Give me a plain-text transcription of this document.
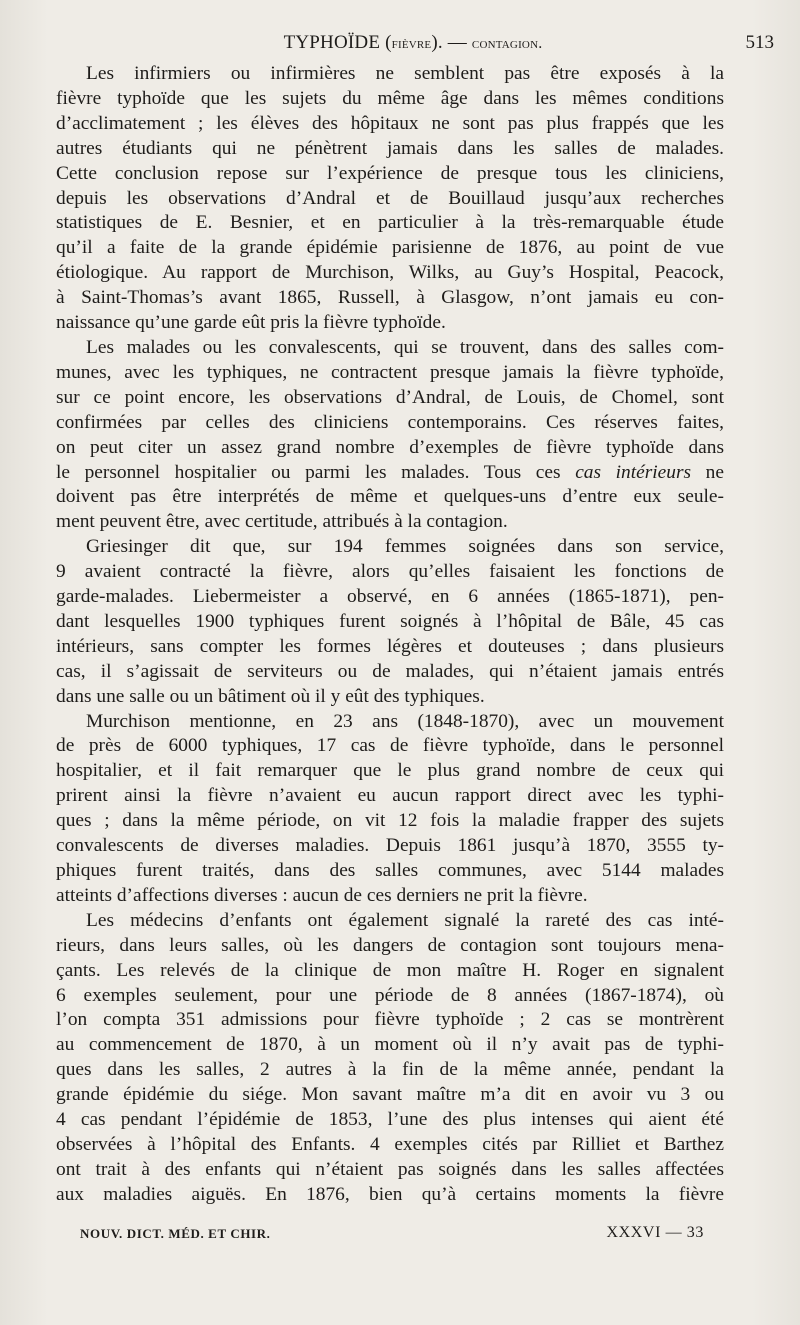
TYPHOÏDE (fièvre). — contagion.	513

Les infirmiers ou infirmières ne semblent pas être exposés à la

fièvre typhoïde que les sujets du même âge dans les mêmes conditions

d’acclimatement ; les élèves des hôpitaux ne sont pas plus frappés que les

autres étudiants qui ne pénètrent jamais dans les salles de malades.

Cette conclusion repose sur l’expérience de presque tous les cliniciens,

depuis les observations d’Andral et de Bouillaud jusqu’aux recherches

statistiques de E. Besnier, et en particulier à la très-remarquable étude

qu’il a faite de la grande épidémie parisienne de 1876, au point de vue

étiologique. Au rapport de Murchison, Wilks, au Guy’s Hospital, Peacock,

à Saint-Thomas’s avant 1865, Russell, à Glasgow, n’ont jamais eu con-

naissance qu’une garde eût pris la fièvre typhoïde.

Les malades ou les convalescents, qui se trouvent, dans des salles com-

munes, avec les typhiques, ne contractent presque jamais la fièvre typhoïde,

sur ce point encore, les observations d’Andral, de Louis, de Chomel, sont

confirmées par celles des cliniciens contemporains. Ces réserves faites,

on peut citer un assez grand nombre d’exemples de fièvre typhoïde dans

le personnel hospitalier ou parmi les malades. Tous ces cas intérieurs ne

doivent pas être interprétés de même et quelques-uns d’entre eux seule-

ment peuvent être, avec certitude, attribués à la contagion.

Griesinger dit que, sur 194 femmes soignées dans son service,

9 avaient contracté la fièvre, alors qu’elles faisaient les fonctions de

garde-malades. Liebermeister a observé, en 6 années (1865-1871), pen-

dant lesquelles 1900 typhiques furent soignés à l’hôpital de Bâle, 45 cas

intérieurs, sans compter les formes légères et douteuses ; dans plusieurs

cas, il s’agissait de serviteurs ou de malades, qui n’étaient jamais entrés

dans une salle ou un bâtiment où il y eût des typhiques.

Murchison mentionne, en 23 ans (1848-1870), avec un mouvement

de près de 6000 typhiques, 17 cas de fièvre typhoïde, dans le personnel

hospitalier, et il fait remarquer que le plus grand nombre de ceux qui

prirent ainsi la fièvre n’avaient eu aucun rapport direct avec les typhi-

ques ; dans la même période, on vit 12 fois la maladie frapper des sujets

convalescents de diverses maladies. Depuis 1861 jusqu’à 1870, 3555 ty-

phiques furent traités, dans des salles communes, avec 5144 malades

atteints d’affections diverses : aucun de ces derniers ne prit la fièvre.

Les médecins d’enfants ont également signalé la rareté des cas inté-

rieurs, dans leurs salles, où les dangers de contagion sont toujours mena-

çants. Les relevés de la clinique de mon maître H. Roger en signalent

6 exemples seulement, pour une période de 8 années (1867-1874), où

l’on compta 351 admissions pour fièvre typhoïde ; 2 cas se montrèrent

au commencement de 1870, à un moment où il n’y avait pas de typhi-

ques dans les salles, 2 autres à la fin de la même année, pendant la

grande épidémie du siége. Mon savant maître m’a dit en avoir vu 3 ou

4 cas pendant l’épidémie de 1853, l’une des plus intenses qui aient été

observées à l’hôpital des Enfants. 4 exemples cités par Rilliet et Barthez

ont trait à des enfants qui n’étaient pas soignés dans les salles affectées

aux maladies aiguës. En 1876, bien qu’à certains moments la fièvre

NOUV. DICT. MÉD. ET CHIR.	XXXVI — 33
